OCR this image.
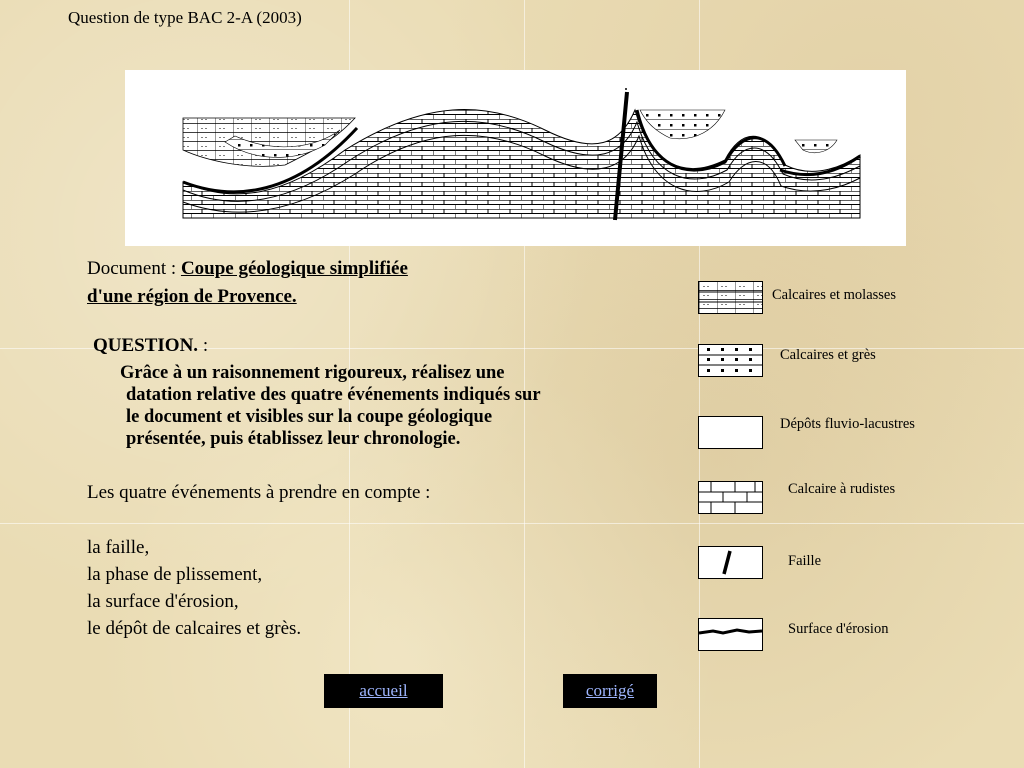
Question de type BAC 2-A (2003)
Document : Coupe géologique simplifiée
d'une région de Provence.
QUESTION. :
Grâce à un raisonnement rigoureux, réalisez une
datation relative des quatre événements indiqués sur
le document et visibles sur la coupe géologique
présentée, puis établissez leur chronologie.
Les quatre événements à prendre en compte :
la faille,
la phase de plissement,
la surface d'érosion,
le dépôt de calcaires et grès.
Calcaires et molasses
Calcaires et grès
Dépôts fluvio-lacustres
Calcaire à rudistes
Faille
Surface d'érosion
accueil	corrigé
